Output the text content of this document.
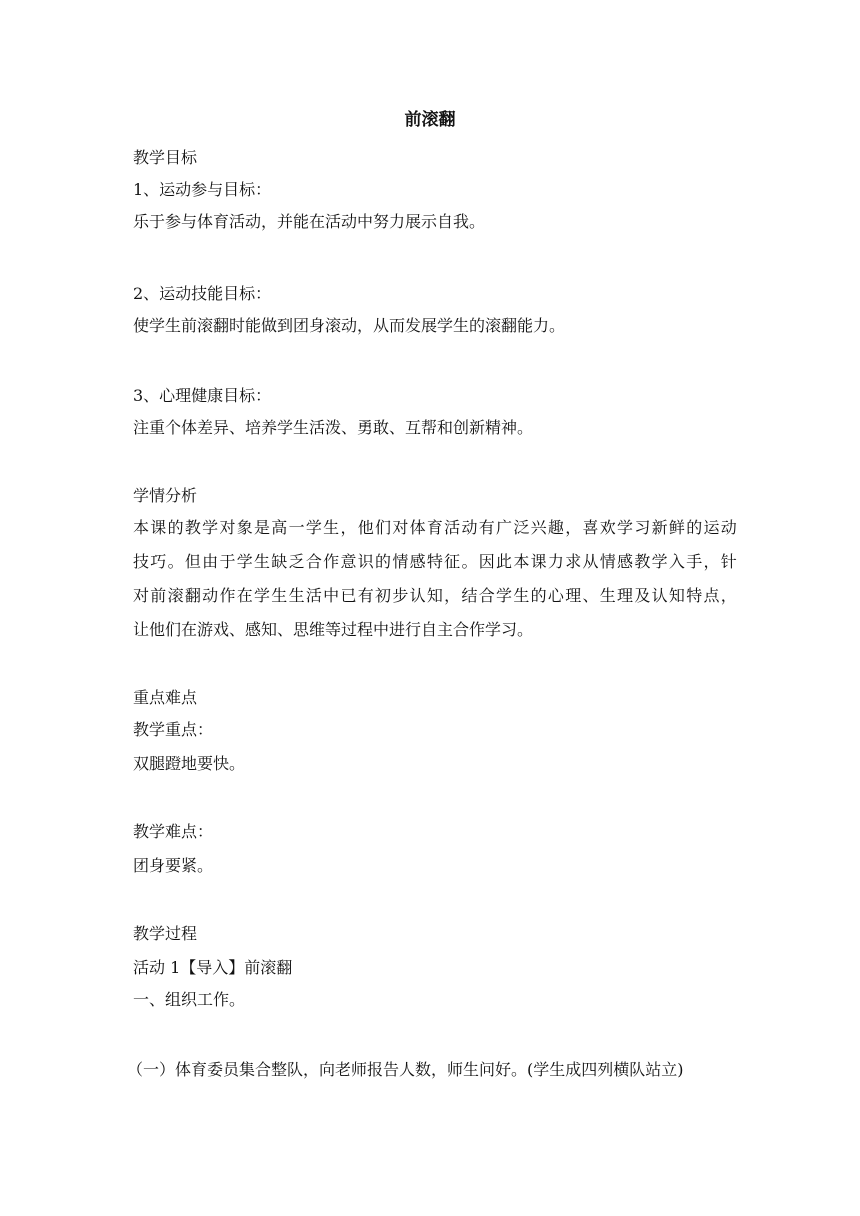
前滚翻
教学目标
1、运动参与目标：
乐于参与体育活动，并能在活动中努力展示自我。
2、运动技能目标：
使学生前滚翻时能做到团身滚动，从而发展学生的滚翻能力。
3、心理健康目标：
注重个体差异、培养学生活泼、勇敢、互帮和创新精神。
学情分析
本课的教学对象是高一学生，他们对体育活动有广泛兴趣，喜欢学习新鲜的运动
技巧。但由于学生缺乏合作意识的情感特征。因此本课力求从情感教学入手，针
对前滚翻动作在学生生活中已有初步认知，结合学生的心理、生理及认知特点，
让他们在游戏、感知、思维等过程中进行自主合作学习。
重点难点
教学重点：
双腿蹬地要快。
教学难点：
团身要紧。
教学过程
活动 1【导入】前滚翻
一、组织工作。
（一）体育委员集合整队，向老师报告人数，师生问好。(学生成四列横队站立)
